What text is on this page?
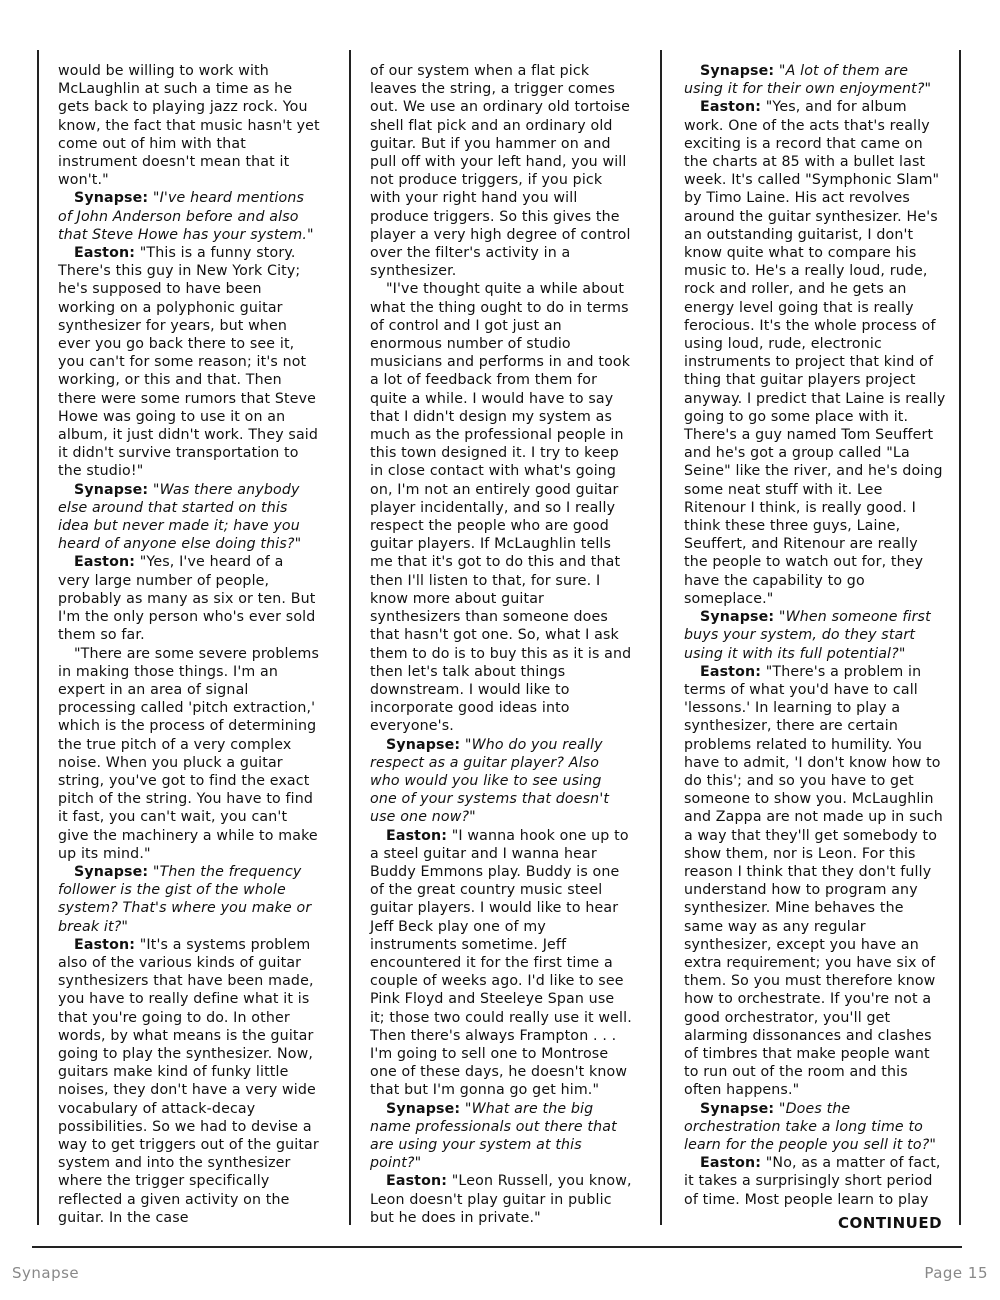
would be willing to work with McLaughlin at such a time as he gets back to playing jazz rock. You know, the fact that music hasn't yet come out of him with that instrument doesn't mean that it won't."

Synapse: "I've heard mentions of John Anderson before and also that Steve Howe has your system."

Easton: "This is a funny story. There's this guy in New York City; he's supposed to have been working on a polyphonic guitar synthesizer for years, but when ever you go back there to see it, you can't for some reason; it's not working, or this and that. Then there were some rumors that Steve Howe was going to use it on an album, it just didn't work. They said it didn't survive transportation to the studio!"

Synapse: "Was there anybody else around that started on this idea but never made it; have you heard of anyone else doing this?"

Easton: "Yes, I've heard of a very large number of people, probably as many as six or ten. But I'm the only person who's ever sold them so far.

"There are some severe problems in making those things. I'm an expert in an area of signal processing called 'pitch extraction,' which is the process of determining the true pitch of a very complex noise. When you pluck a guitar string, you've got to find the exact pitch of the string. You have to find it fast, you can't wait, you can't give the machinery a while to make up its mind."

Synapse: "Then the frequency follower is the gist of the whole system? That's where you make or break it?"

Easton: "It's a systems problem also of the various kinds of guitar synthesizers that have been made, you have to really define what it is that you're going to do. In other words, by what means is the guitar going to play the synthesizer. Now, guitars make kind of funky little noises, they don't have a very wide vocabulary of attack-decay possibilities. So we had to devise a way to get triggers out of the guitar system and into the synthesizer where the trigger specifically reflected a given activity on the guitar. In the case

of our system when a flat pick leaves the string, a trigger comes out. We use an ordinary old tortoise shell flat pick and an ordinary old guitar. But if you hammer on and pull off with your left hand, you will not produce triggers, if you pick with your right hand you will produce triggers. So this gives the player a very high degree of control over the filter's activity in a synthesizer.

"I've thought quite a while about what the thing ought to do in terms of control and I got just an enormous number of studio musicians and performs in and took a lot of feedback from them for quite a while. I would have to say that I didn't design my system as much as the professional people in this town designed it. I try to keep in close contact with what's going on, I'm not an entirely good guitar player incidentally, and so I really respect the people who are good guitar players. If McLaughlin tells me that it's got to do this and that then I'll listen to that, for sure. I know more about guitar synthesizers than someone does that hasn't got one. So, what I ask them to do is to buy this as it is and then let's talk about things downstream. I would like to incorporate good ideas into everyone's.

Synapse: "Who do you really respect as a guitar player? Also who would you like to see using one of your systems that doesn't use one now?"

Easton: "I wanna hook one up to a steel guitar and I wanna hear Buddy Emmons play. Buddy is one of the great country music steel guitar players. I would like to hear Jeff Beck play one of my instruments sometime. Jeff encountered it for the first time a couple of weeks ago. I'd like to see Pink Floyd and Steeleye Span use it; those two could really use it well. Then there's always Frampton . . . I'm going to sell one to Montrose one of these days, he doesn't know that but I'm gonna go get him."

Synapse: "What are the big name professionals out there that are using your system at this point?"

Easton: "Leon Russell, you know, Leon doesn't play guitar in public but he does in private."

Synapse: "A lot of them are using it for their own enjoyment?"

Easton: "Yes, and for album work. One of the acts that's really exciting is a record that came on the charts at 85 with a bullet last week. It's called "Symphonic Slam" by Timo Laine. His act revolves around the guitar synthesizer. He's an outstanding guitarist, I don't know quite what to compare his music to. He's a really loud, rude, rock and roller, and he gets an energy level going that is really ferocious. It's the whole process of using loud, rude, electronic instruments to project that kind of thing that guitar players project anyway. I predict that Laine is really going to go some place with it. There's a guy named Tom Seuffert and he's got a group called "La Seine" like the river, and he's doing some neat stuff with it. Lee Ritenour I think, is really good. I think these three guys, Laine, Seuffert, and Ritenour are really the people to watch out for, they have the capability to go someplace."

Synapse: "When someone first buys your system, do they start using it with its full potential?"

Easton: "There's a problem in terms of what you'd have to call 'lessons.' In learning to play a synthesizer, there are certain problems related to humility. You have to admit, 'I don't know how to do this'; and so you have to get someone to show you. McLaughlin and Zappa are not made up in such a way that they'll get somebody to show them, nor is Leon. For this reason I think that they don't fully understand how to program any synthesizer. Mine behaves the same way as any regular synthesizer, except you have an extra requirement; you have six of them. So you must therefore know how to orchestrate. If you're not a good orchestrator, you'll get alarming dissonances and clashes of timbres that make people want to run out of the room and this often happens."

Synapse: "Does the orchestration take a long time to learn for the people you sell it to?"

Easton: "No, as a matter of fact, it takes a surprisingly short period of time. Most people learn to play

CONTINUED
Synapse	Page 15
